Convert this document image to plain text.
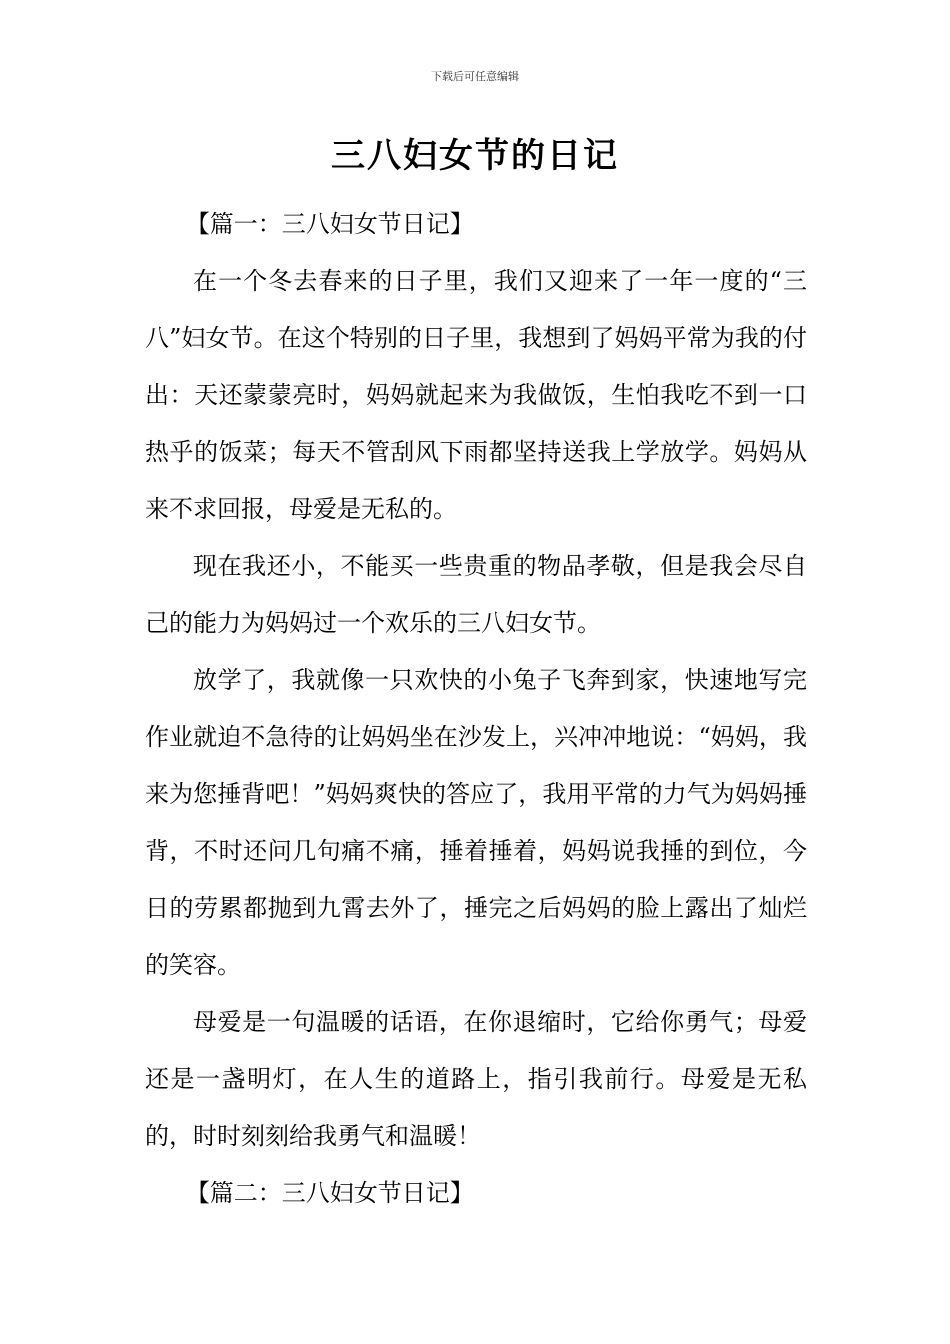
下载后可任意编辑
三八妇女节的日记

【篇一：三八妇女节日记】

在一个冬去春来的日子里，我们又迎来了一年一度的“三八”妇女节。在这个特别的日子里，我想到了妈妈平常为我的付出：天还蒙蒙亮时，妈妈就起来为我做饭，生怕我吃不到一口热乎的饭菜；每天不管刮风下雨都坚持送我上学放学。妈妈从来不求回报，母爱是无私的。

现在我还小，不能买一些贵重的物品孝敬，但是我会尽自己的能力为妈妈过一个欢乐的三八妇女节。

放学了，我就像一只欢快的小兔子飞奔到家，快速地写完作业就迫不急待的让妈妈坐在沙发上，兴冲冲地说：“妈妈，我来为您捶背吧！”妈妈爽快的答应了，我用平常的力气为妈妈捶背，不时还问几句痛不痛，捶着捶着，妈妈说我捶的到位，今日的劳累都抛到九霄去外了，捶完之后妈妈的脸上露出了灿烂的笑容。

母爱是一句温暖的话语，在你退缩时，它给你勇气；母爱还是一盏明灯，在人生的道路上，指引我前行。母爱是无私的，时时刻刻给我勇气和温暖！

【篇二：三八妇女节日记】
